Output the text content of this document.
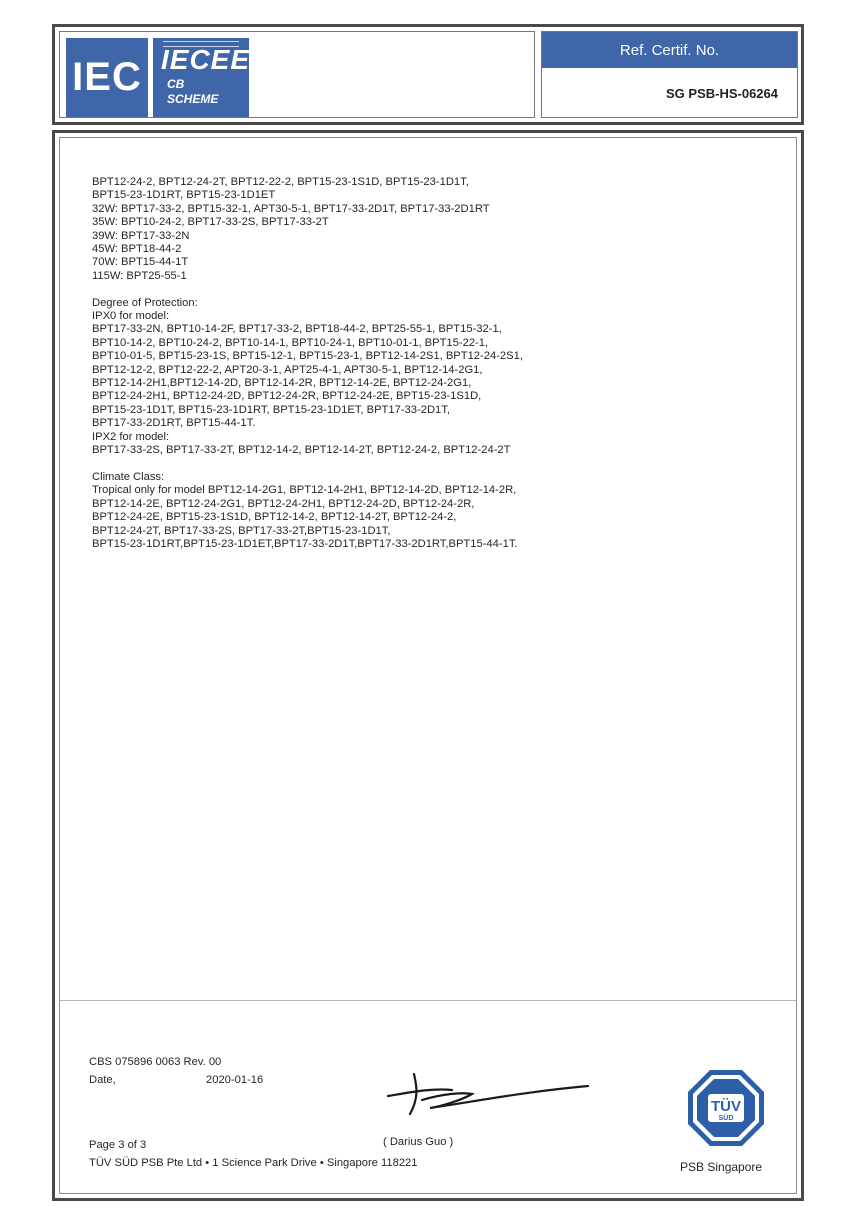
IEC IECEE
CB
SCHEME
Ref. Certif. No.
SG PSB-HS-06264
BPT12-24-2, BPT12-24-2T, BPT12-22-2, BPT15-23-1S1D, BPT15-23-1D1T,
BPT15-23-1D1RT, BPT15-23-1D1ET
32W: BPT17-33-2, BPT15-32-1, APT30-5-1, BPT17-33-2D1T, BPT17-33-2D1RT
35W: BPT10-24-2, BPT17-33-2S, BPT17-33-2T
39W: BPT17-33-2N
45W: BPT18-44-2
70W: BPT15-44-1T
115W: BPT25-55-1
Degree of Protection:
IPX0 for model:
BPT17-33-2N, BPT10-14-2F, BPT17-33-2, BPT18-44-2, BPT25-55-1, BPT15-32-1,
BPT10-14-2, BPT10-24-2, BPT10-14-1, BPT10-24-1, BPT10-01-1, BPT15-22-1,
BPT10-01-5, BPT15-23-1S, BPT15-12-1, BPT15-23-1, BPT12-14-2S1, BPT12-24-2S1,
BPT12-12-2, BPT12-22-2, APT20-3-1, APT25-4-1, APT30-5-1, BPT12-14-2G1,
BPT12-14-2H1,BPT12-14-2D, BPT12-14-2R, BPT12-14-2E, BPT12-24-2G1,
BPT12-24-2H1, BPT12-24-2D, BPT12-24-2R, BPT12-24-2E, BPT15-23-1S1D,
BPT15-23-1D1T, BPT15-23-1D1RT, BPT15-23-1D1ET, BPT17-33-2D1T,
BPT17-33-2D1RT, BPT15-44-1T.
IPX2 for model:
BPT17-33-2S, BPT17-33-2T, BPT12-14-2, BPT12-14-2T, BPT12-24-2, BPT12-24-2T
Climate Class:
Tropical only for model BPT12-14-2G1, BPT12-14-2H1, BPT12-14-2D, BPT12-14-2R,
BPT12-14-2E, BPT12-24-2G1, BPT12-24-2H1, BPT12-24-2D, BPT12-24-2R,
BPT12-24-2E, BPT15-23-1S1D, BPT12-14-2, BPT12-14-2T, BPT12-24-2,
BPT12-24-2T, BPT17-33-2S, BPT17-33-2T,BPT15-23-1D1T,
BPT15-23-1D1RT,BPT15-23-1D1ET,BPT17-33-2D1T,BPT17-33-2D1RT,BPT15-44-1T.
CBS 075896 0063 Rev. 00
Date,	2020-01-16
( Darius Guo )
Page 3 of 3
TÜV SÜD PSB Pte Ltd • 1 Science Park Drive • Singapore 118221
TÜV
SÜD
PSB Singapore
